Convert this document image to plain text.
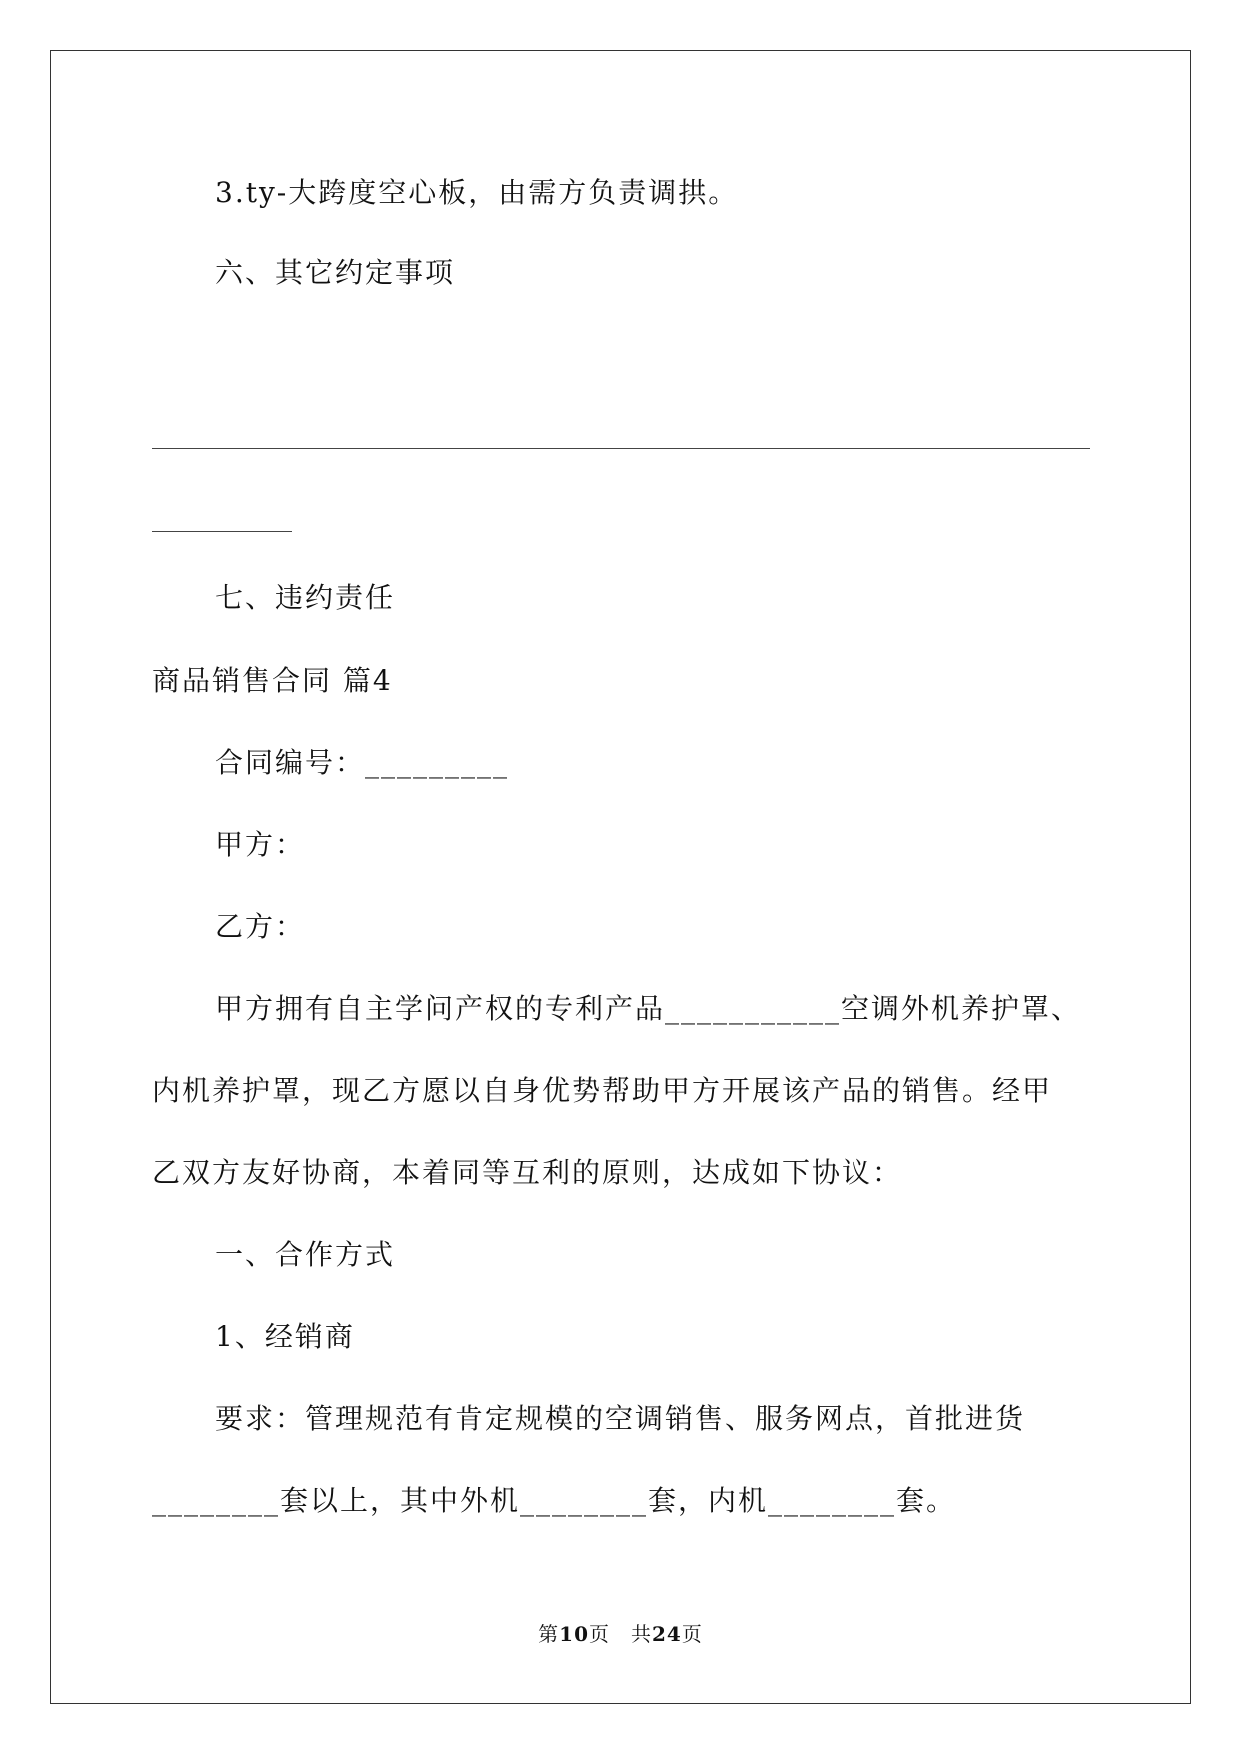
3.ty-大跨度空心板，由需方负责调拱。
六、其它约定事项
七、违约责任
商品销售合同 篇4
合同编号：_________
甲方：
乙方：
甲方拥有自主学问产权的专利产品___________空调外机养护罩、
内机养护罩，现乙方愿以自身优势帮助甲方开展该产品的销售。经甲
乙双方友好协商，本着同等互利的原则，达成如下协议：
一、合作方式
1、经销商
要求：管理规范有肯定规模的空调销售、服务网点，首批进货
________套以上，其中外机________套，内机________套。
第10页　共24页
